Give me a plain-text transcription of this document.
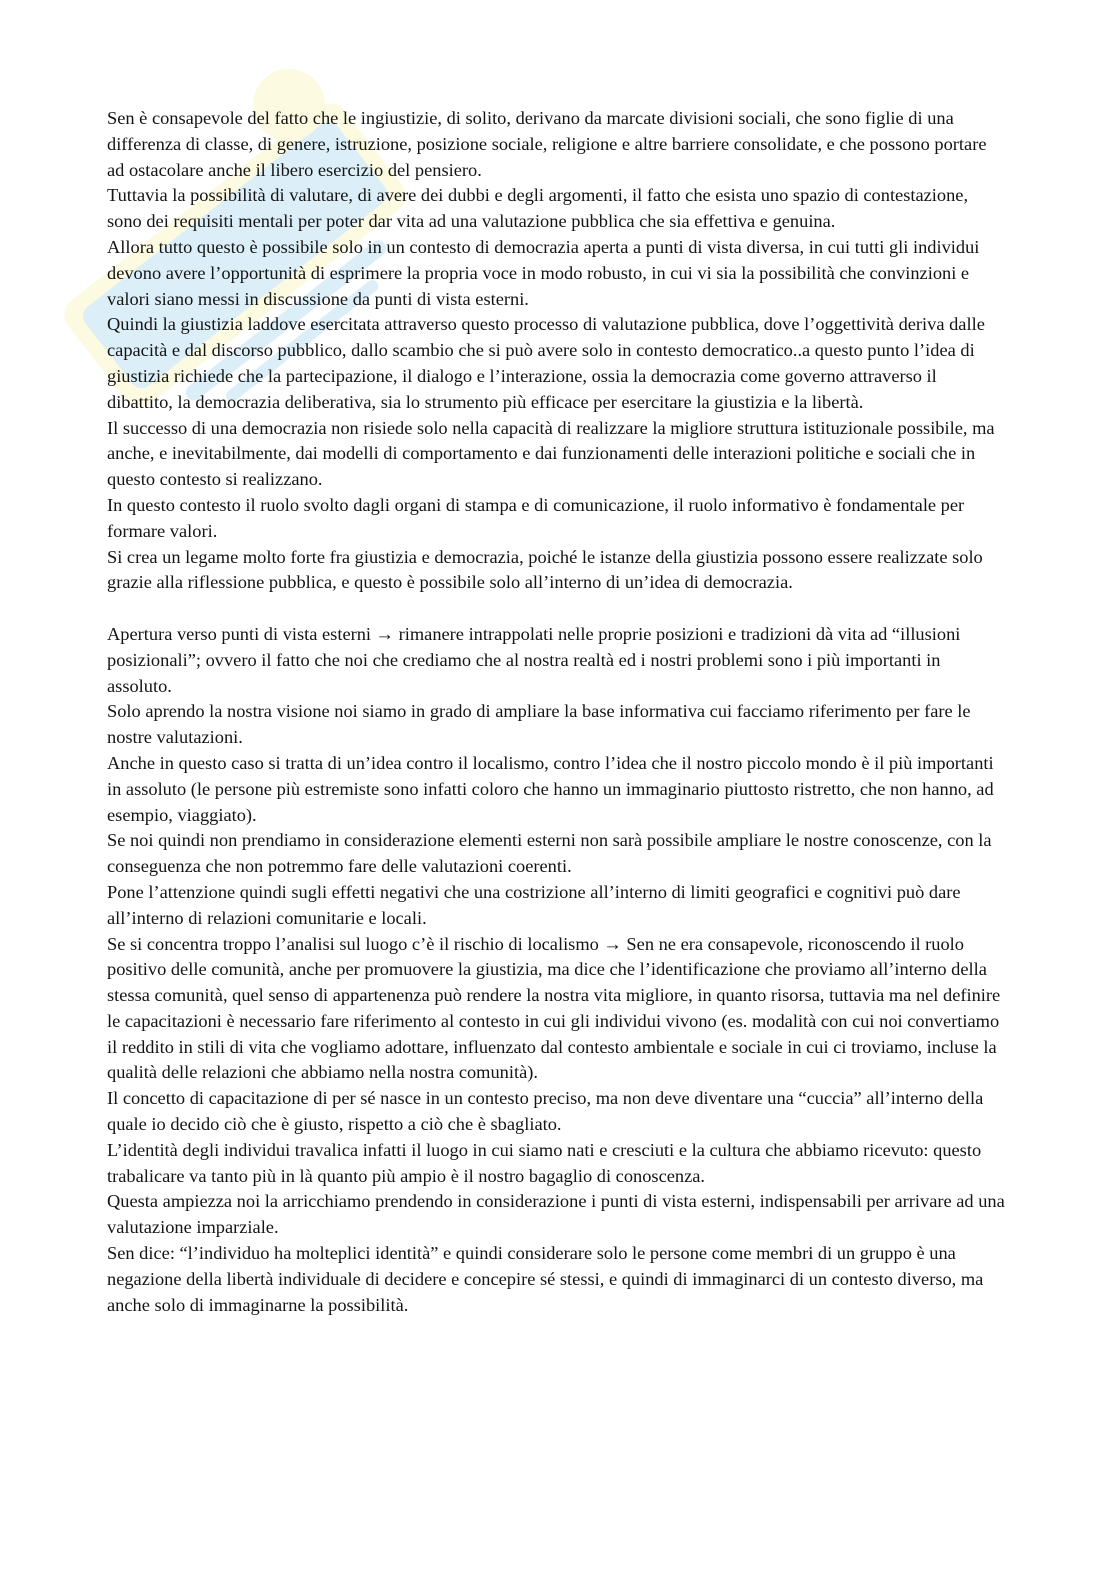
Sen è consapevole del fatto che le ingiustizie, di solito, derivano da marcate divisioni sociali, che sono figlie di una differenza di classe, di genere, istruzione, posizione sociale, religione e altre barriere consolidate, e che possono portare ad ostacolare anche il libero esercizio del pensiero.

Tuttavia la possibilità di valutare, di avere dei dubbi e degli argomenti, il fatto che esista uno spazio di contestazione, sono dei requisiti mentali per poter dar vita ad una valutazione pubblica che sia effettiva e genuina.

Allora tutto questo è possibile solo in un contesto di democrazia aperta a punti di vista diversa, in cui tutti gli individui devono avere l’opportunità di esprimere la propria voce in modo robusto, in cui vi sia la possibilità che convinzioni e valori siano messi in discussione da punti di vista esterni.

Quindi la giustizia laddove esercitata attraverso questo processo di valutazione pubblica, dove l’oggettività deriva dalle capacità e dal discorso pubblico, dallo scambio che si può avere solo in contesto democratico..a questo punto l’idea di giustizia richiede che la partecipazione, il dialogo e l’interazione, ossia la democrazia come governo attraverso il dibattito, la democrazia deliberativa, sia lo strumento più efficace per esercitare la giustizia e la libertà.

Il successo di una democrazia non risiede solo nella capacità di realizzare la migliore struttura istituzionale possibile, ma anche, e inevitabilmente, dai modelli di comportamento e dai funzionamenti delle interazioni politiche e sociali che in questo contesto si realizzano.

In questo contesto il ruolo svolto dagli organi di stampa e di comunicazione, il ruolo informativo è fondamentale per formare valori.

Si crea un legame molto forte fra giustizia e democrazia, poiché le istanze della giustizia possono essere realizzate solo grazie alla riflessione pubblica, e questo è possibile solo all’interno di un’idea di democrazia.

Apertura verso punti di vista esterni → rimanere intrappolati nelle proprie posizioni e tradizioni dà vita ad “illusioni posizionali”; ovvero il fatto che noi che crediamo che al nostra realtà ed i nostri problemi sono i più importanti in assoluto.

Solo aprendo la nostra visione noi siamo in grado di ampliare la base informativa cui facciamo riferimento per fare le nostre valutazioni.

Anche in questo caso si tratta di un’idea contro il localismo, contro l’idea che il nostro piccolo mondo è il più importanti in assoluto (le persone più estremiste sono infatti coloro che hanno un immaginario piuttosto ristretto, che non hanno, ad esempio, viaggiato).

Se noi quindi non prendiamo in considerazione elementi esterni non sarà possibile ampliare le nostre conoscenze, con la conseguenza che non potremmo fare delle valutazioni coerenti.

Pone l’attenzione quindi sugli effetti negativi che una costrizione all’interno di limiti geografici e cognitivi può dare all’interno di relazioni comunitarie e locali.

Se si concentra troppo l’analisi sul luogo c’è il rischio di localismo → Sen ne era consapevole, riconoscendo il ruolo positivo delle comunità, anche per promuovere la giustizia, ma dice che l’identificazione che proviamo all’interno della stessa comunità, quel senso di appartenenza può rendere la nostra vita migliore, in quanto risorsa, tuttavia ma nel definire le capacitazioni è necessario fare riferimento al contesto in cui gli individui vivono (es. modalità con cui noi convertiamo il reddito in stili di vita che vogliamo adottare, influenzato dal contesto ambientale e sociale in cui ci troviamo, incluse la qualità delle relazioni che abbiamo nella nostra comunità).

Il concetto di capacitazione di per sé nasce in un contesto preciso, ma non deve diventare una “cuccia” all’interno della quale io decido ciò che è giusto, rispetto a ciò che è sbagliato.

L’identità degli individui travalica infatti il luogo in cui siamo nati e cresciuti e la cultura che abbiamo ricevuto: questo trabalicare va tanto più in là quanto più ampio è il nostro bagaglio di conoscenza.

Questa ampiezza noi la arricchiamo prendendo in considerazione i punti di vista esterni, indispensabili per arrivare ad una valutazione imparziale.

Sen dice: “l’individuo ha molteplici identità” e quindi considerare solo le persone come membri di un gruppo è una negazione della libertà individuale di decidere e concepire sé stessi, e quindi di immaginarci di un contesto diverso, ma anche solo di immaginarne la possibilità.
